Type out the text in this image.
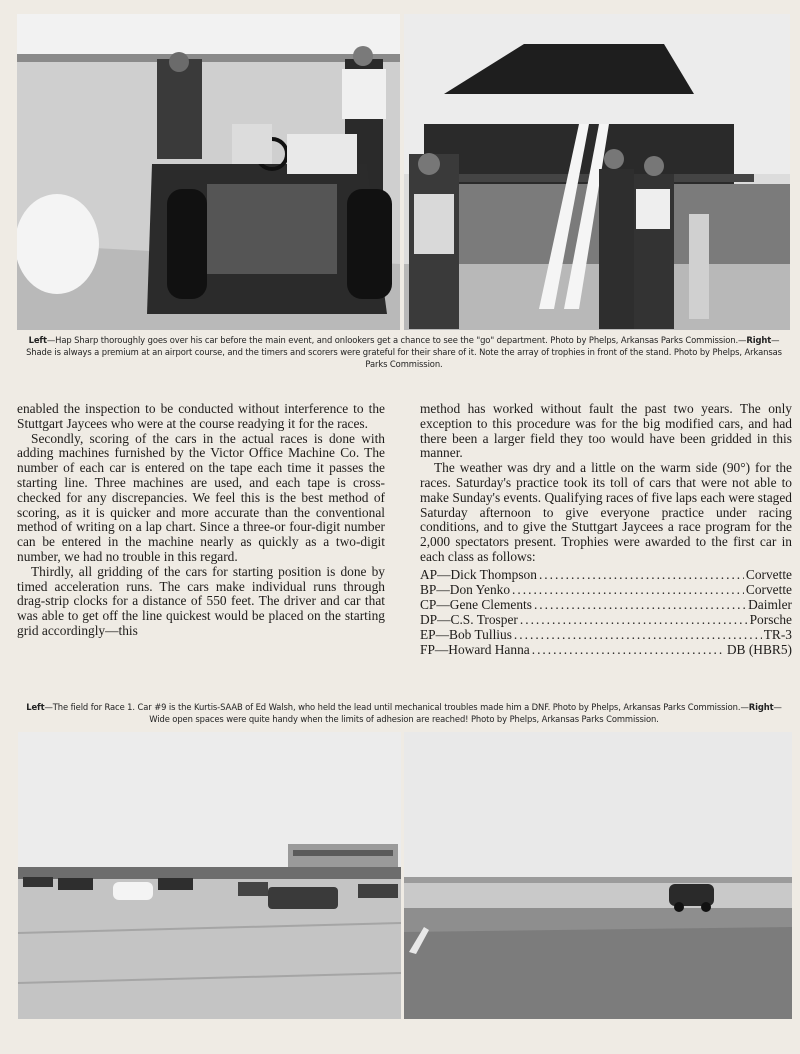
Left—Hap Sharp thoroughly goes over his car before the main event, and onlookers get a chance to see the "go" department. Photo by Phelps, Arkansas Parks Commission.—Right—Shade is always a premium at an airport course, and the timers and scorers were grateful for their share of it. Note the array of trophies in front of the stand. Photo by Phelps, Arkansas Parks Commission.

enabled the inspection to be conducted without interference to the Stuttgart Jaycees who were at the course readying it for the races.

Secondly, scoring of the cars in the actual races is done with adding machines furnished by the Victor Office Machine Co. The number of each car is entered on the tape each time it passes the starting line. Three machines are used, and each tape is cross-checked for any discrepancies. We feel this is the best method of scoring, as it is quicker and more accurate than the conventional method of writing on a lap chart. Since a three-or four-digit number can be entered in the machine nearly as quickly as a two-digit number, we had no trouble in this regard.

Thirdly, all gridding of the cars for starting position is done by timed acceleration runs. The cars make individual runs through drag-strip clocks for a distance of 550 feet. The driver and car that was able to get off the line quickest would be placed on the starting grid accordingly—this

method has worked without fault the past two years. The only exception to this procedure was for the big modified cars, and had there been a larger field they too would have been gridded in this manner.

The weather was dry and a little on the warm side (90°) for the races. Saturday's practice took its toll of cars that were not able to make Sunday's events. Qualifying races of five laps each were staged Saturday afternoon to give everyone practice under racing conditions, and to give the Stuttgart Jaycees a race program for the 2,000 spectators present. Trophies were awarded to the first car in each class as follows:

AP—Dick Thompson .....	Corvette
BP—Don Yenko .....	Corvette
CP—Gene Clements .....	Daimler
DP—C.S. Trosper .....	Porsche
EP—Bob Tullius .....	TR-3
FP—Howard Hanna .....	DB (HBR5)
Left—The field for Race 1. Car #9 is the Kurtis-SAAB of Ed Walsh, who held the lead until mechanical troubles made him a DNF. Photo by Phelps, Arkansas Parks Commission.—Right—Wide open spaces were quite handy when the limits of adhesion are reached! Photo by Phelps, Arkansas Parks Commission.
